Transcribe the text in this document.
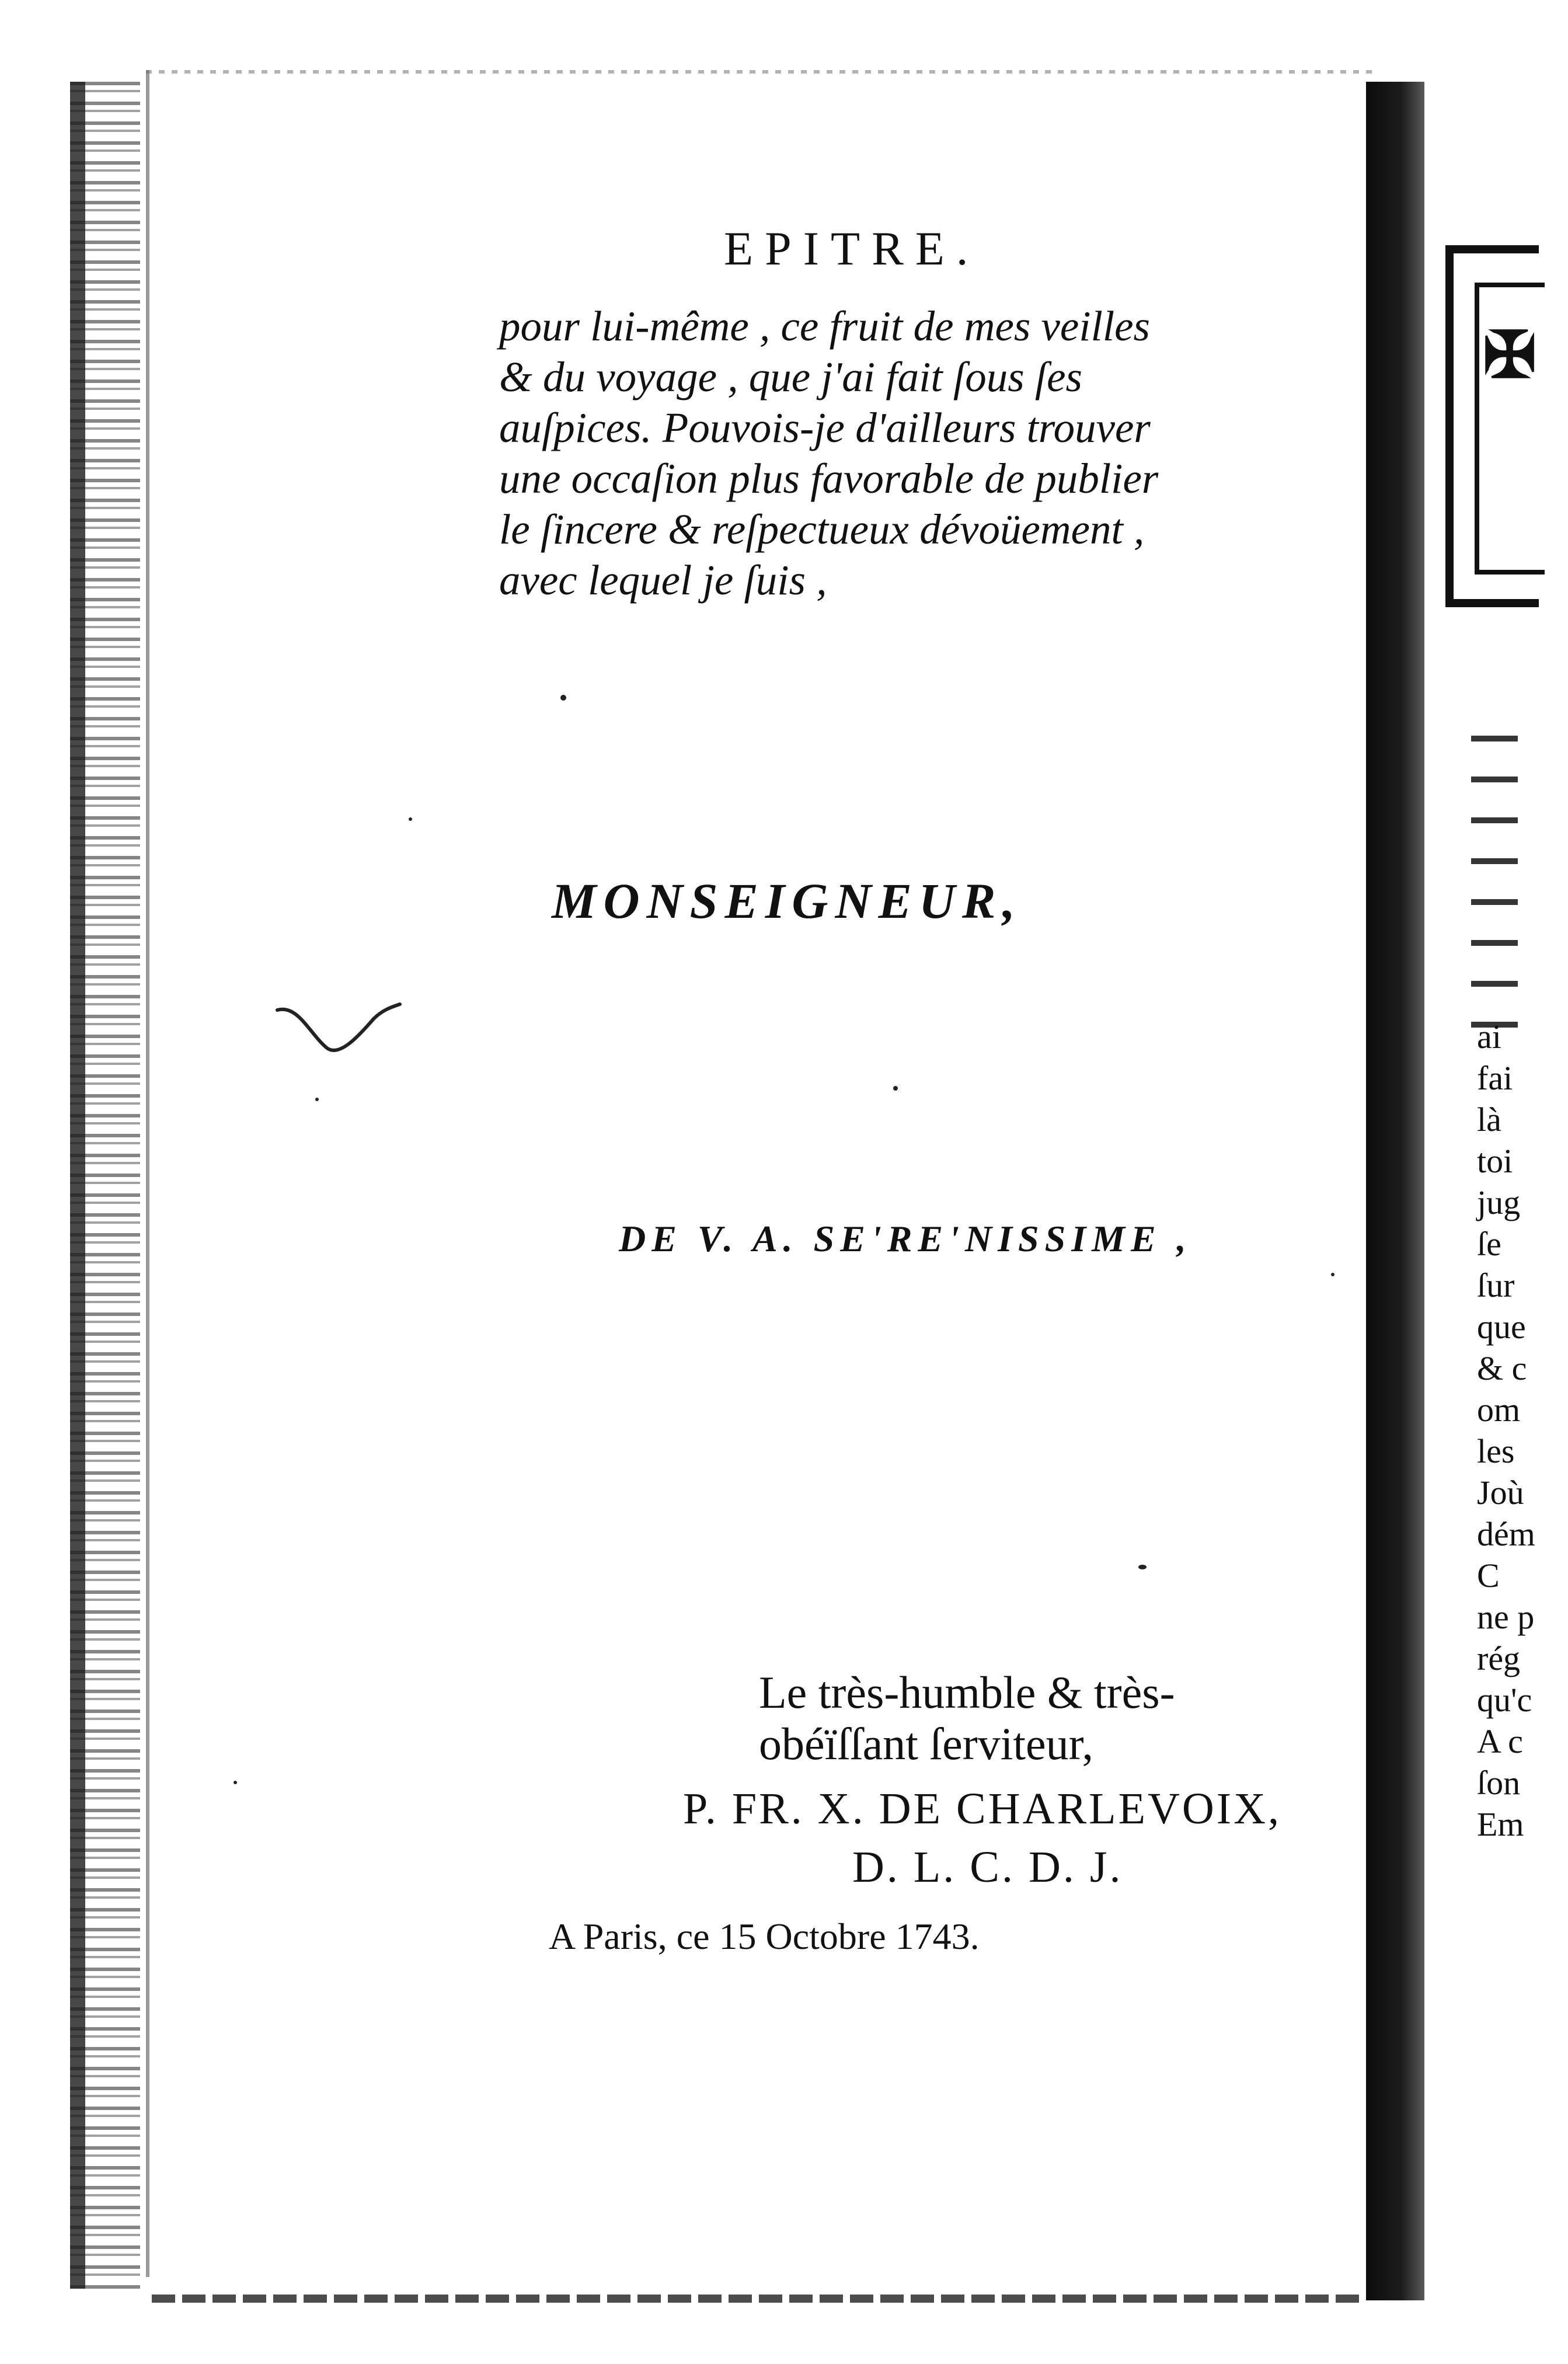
✠
ai
fai
là
toi
jug
ſe
ſur
que
& c
om
les
Joù
dém
C
ne p
rég
qu'c
A c
ſon
Em
EPITRE.

pour lui-même , ce fruit de mes veilles
& du voyage , que j'ai fait ſous ſes
auſpices. Pouvois-je d'ailleurs trouver
une occaſion plus favorable de publier
le ſincere & reſpectueux dévoüement ,
avec lequel je ſuis ,

MONSEIGNEUR,
DE V. A. SE'RE'NISSIME ,

Le très-humble & très-
obéïſſant ſerviteur,

P. FR. X. DE CHARLEVOIX,
D. L. C. D. J.
A Paris, ce 15 Octobre 1743.
